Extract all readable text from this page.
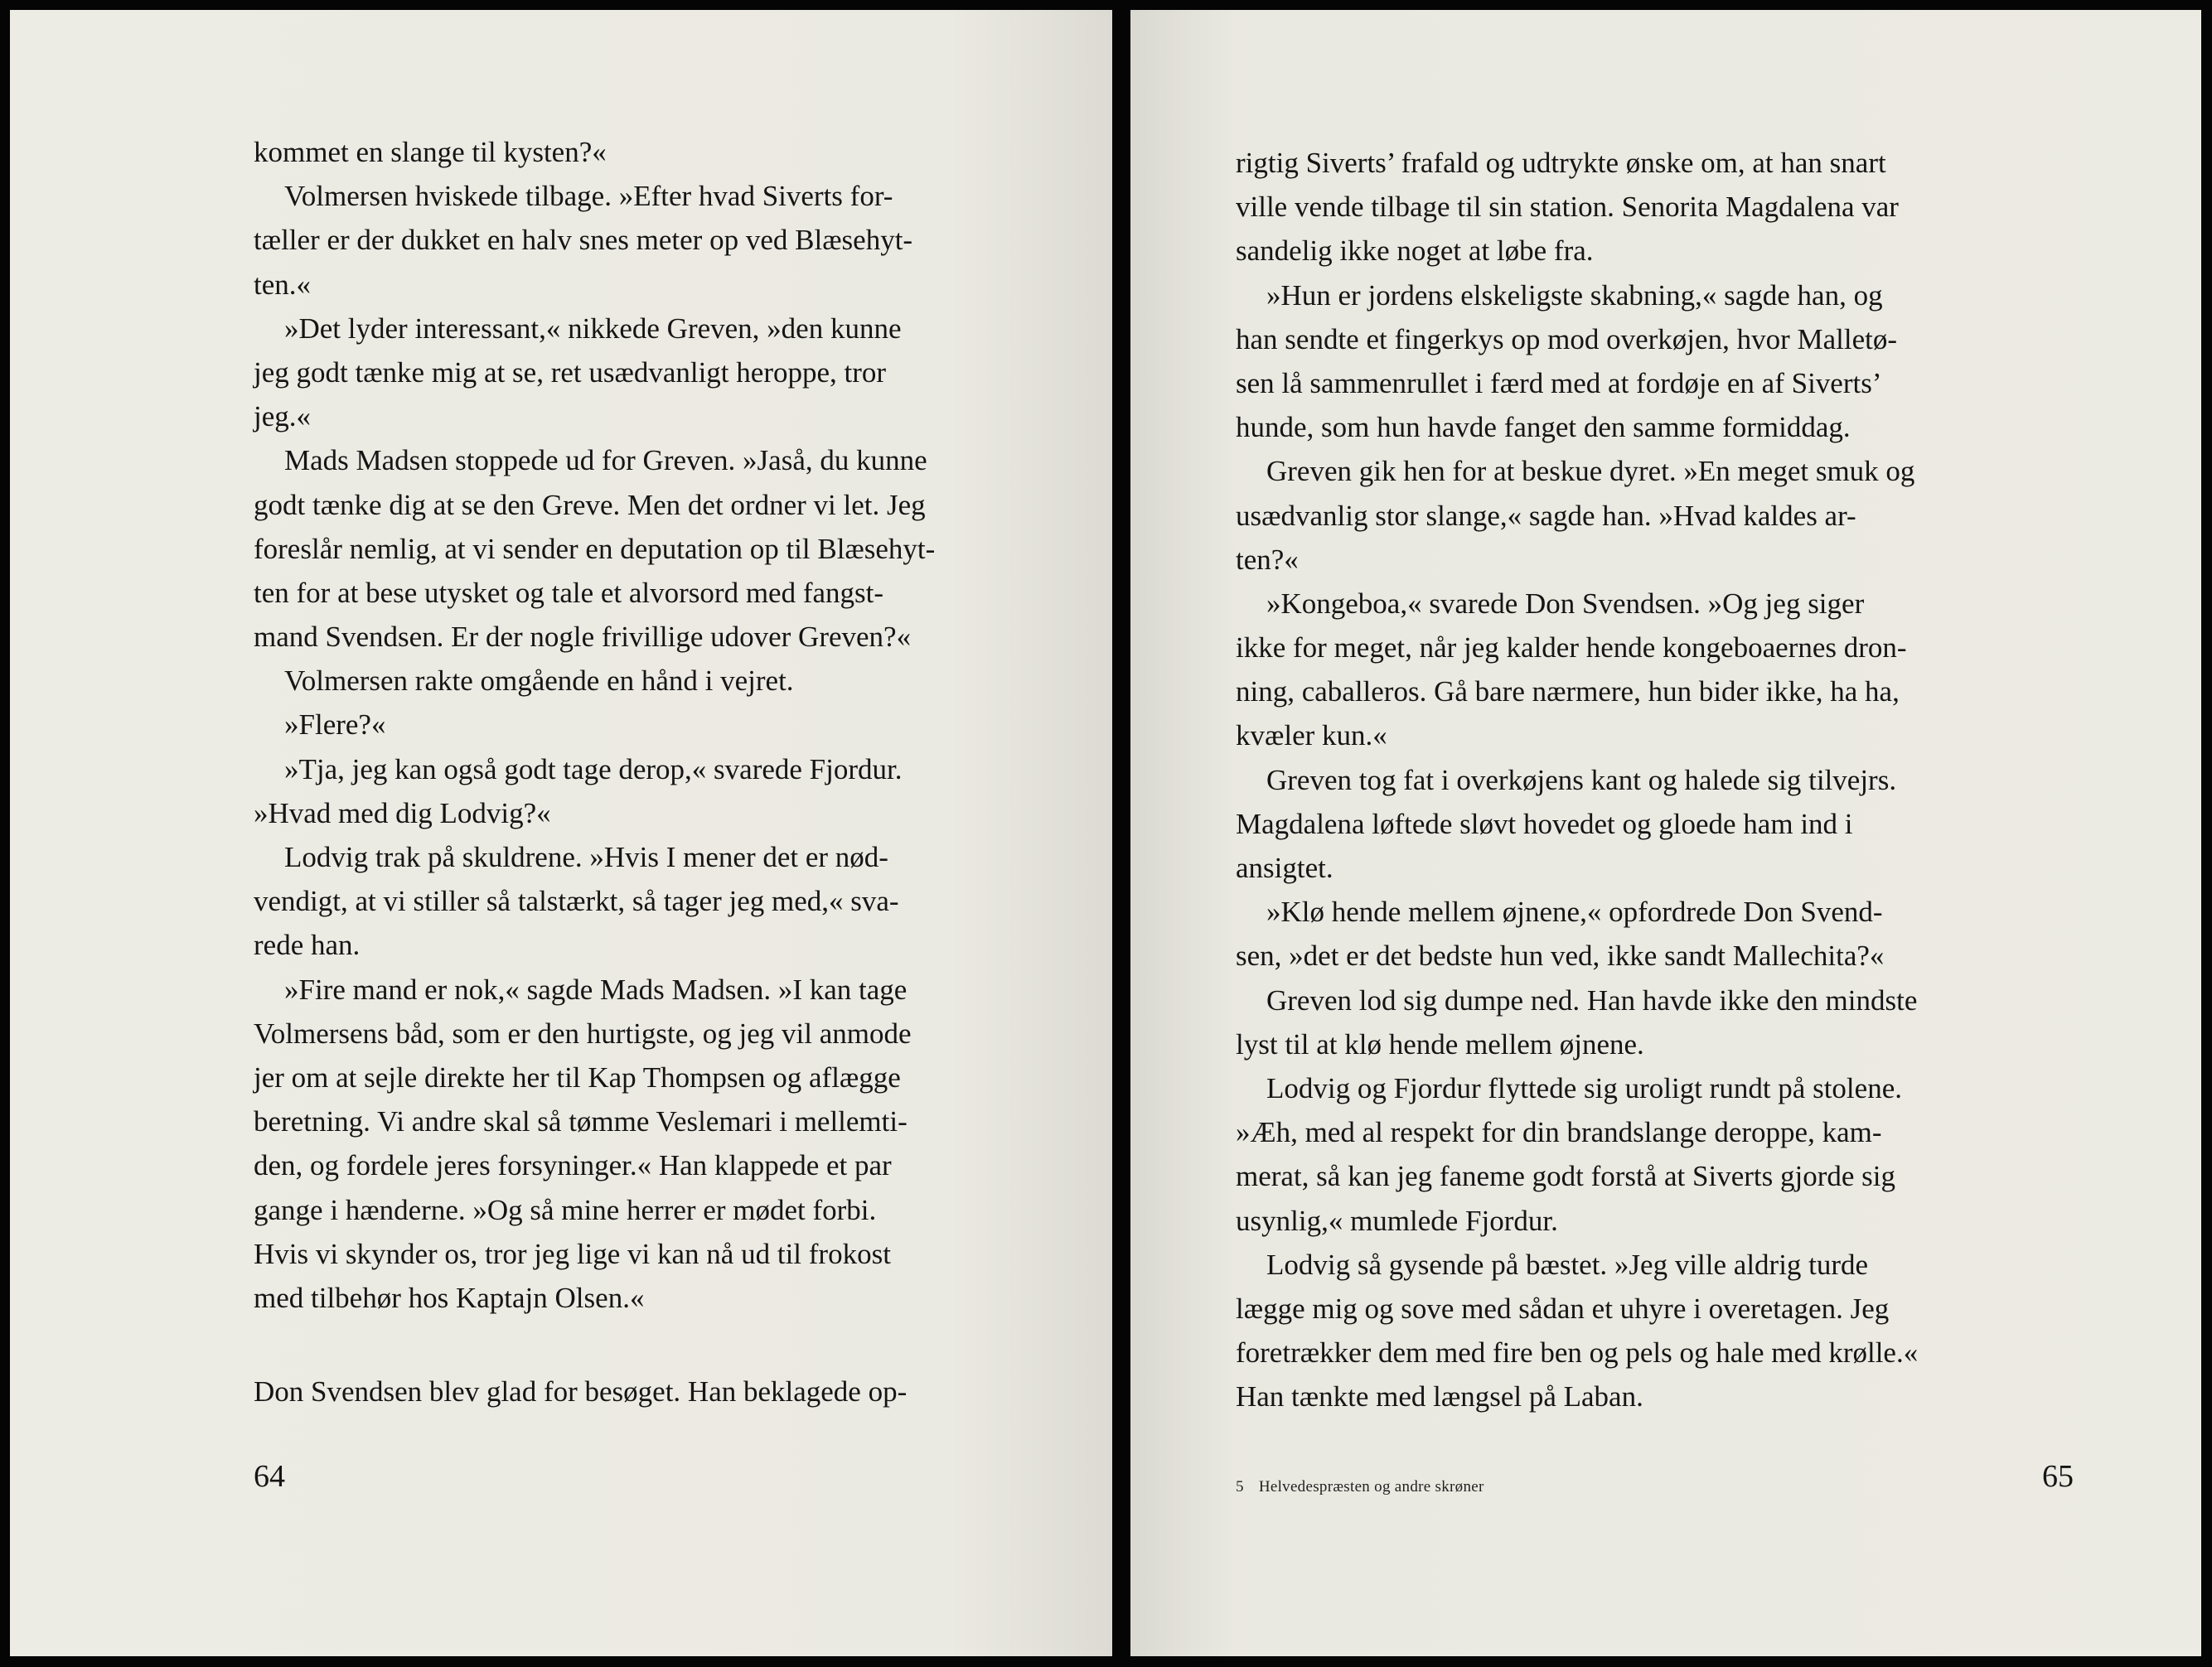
kommet en slange til kysten?«
Volmersen hviskede tilbage. »Efter hvad Siverts for-
tæller er der dukket en halv snes meter op ved Blæsehyt-
ten.«
»Det lyder interessant,« nikkede Greven, »den kunne
jeg godt tænke mig at se, ret usædvanligt heroppe, tror
jeg.«
Mads Madsen stoppede ud for Greven. »Jaså, du kunne
godt tænke dig at se den Greve. Men det ordner vi let. Jeg
foreslår nemlig, at vi sender en deputation op til Blæsehyt-
ten for at bese utysket og tale et alvorsord med fangst-
mand Svendsen. Er der nogle frivillige udover Greven?«
Volmersen rakte omgående en hånd i vejret.
»Flere?«
»Tja, jeg kan også godt tage derop,« svarede Fjordur.
»Hvad med dig Lodvig?«
Lodvig trak på skuldrene. »Hvis I mener det er nød-
vendigt, at vi stiller så talstærkt, så tager jeg med,« sva-
rede han.
»Fire mand er nok,« sagde Mads Madsen. »I kan tage
Volmersens båd, som er den hurtigste, og jeg vil anmode
jer om at sejle direkte her til Kap Thompsen og aflægge
beretning. Vi andre skal så tømme Veslemari i mellemti-
den, og fordele jeres forsyninger.« Han klappede et par
gange i hænderne. »Og så mine herrer er mødet forbi.
Hvis vi skynder os, tror jeg lige vi kan nå ud til frokost
med tilbehør hos Kaptajn Olsen.«
Don Svendsen blev glad for besøget. Han beklagede op-
64
rigtig Siverts’ frafald og udtrykte ønske om, at han snart
ville vende tilbage til sin station. Senorita Magdalena var
sandelig ikke noget at løbe fra.
»Hun er jordens elskeligste skabning,« sagde han, og
han sendte et fingerkys op mod overkøjen, hvor Malletø-
sen lå sammenrullet i færd med at fordøje en af Siverts’
hunde, som hun havde fanget den samme formiddag.
Greven gik hen for at beskue dyret. »En meget smuk og
usædvanlig stor slange,« sagde han. »Hvad kaldes ar-
ten?«
»Kongeboa,« svarede Don Svendsen. »Og jeg siger
ikke for meget, når jeg kalder hende kongeboaernes dron-
ning, caballeros. Gå bare nærmere, hun bider ikke, ha ha,
kvæler kun.«
Greven tog fat i overkøjens kant og halede sig tilvejrs.
Magdalena løftede sløvt hovedet og gloede ham ind i
ansigtet.
»Klø hende mellem øjnene,« opfordrede Don Svend-
sen, »det er det bedste hun ved, ikke sandt Mallechita?«
Greven lod sig dumpe ned. Han havde ikke den mindste
lyst til at klø hende mellem øjnene.
Lodvig og Fjordur flyttede sig uroligt rundt på stolene.
»Æh, med al respekt for din brandslange deroppe, kam-
merat, så kan jeg faneme godt forstå at Siverts gjorde sig
usynlig,« mumlede Fjordur.
Lodvig så gysende på bæstet. »Jeg ville aldrig turde
lægge mig og sove med sådan et uhyre i overetagen. Jeg
foretrækker dem med fire ben og pels og hale med krølle.«
Han tænkte med længsel på Laban.
5 Helvedespræsten og andre skrøner	65
